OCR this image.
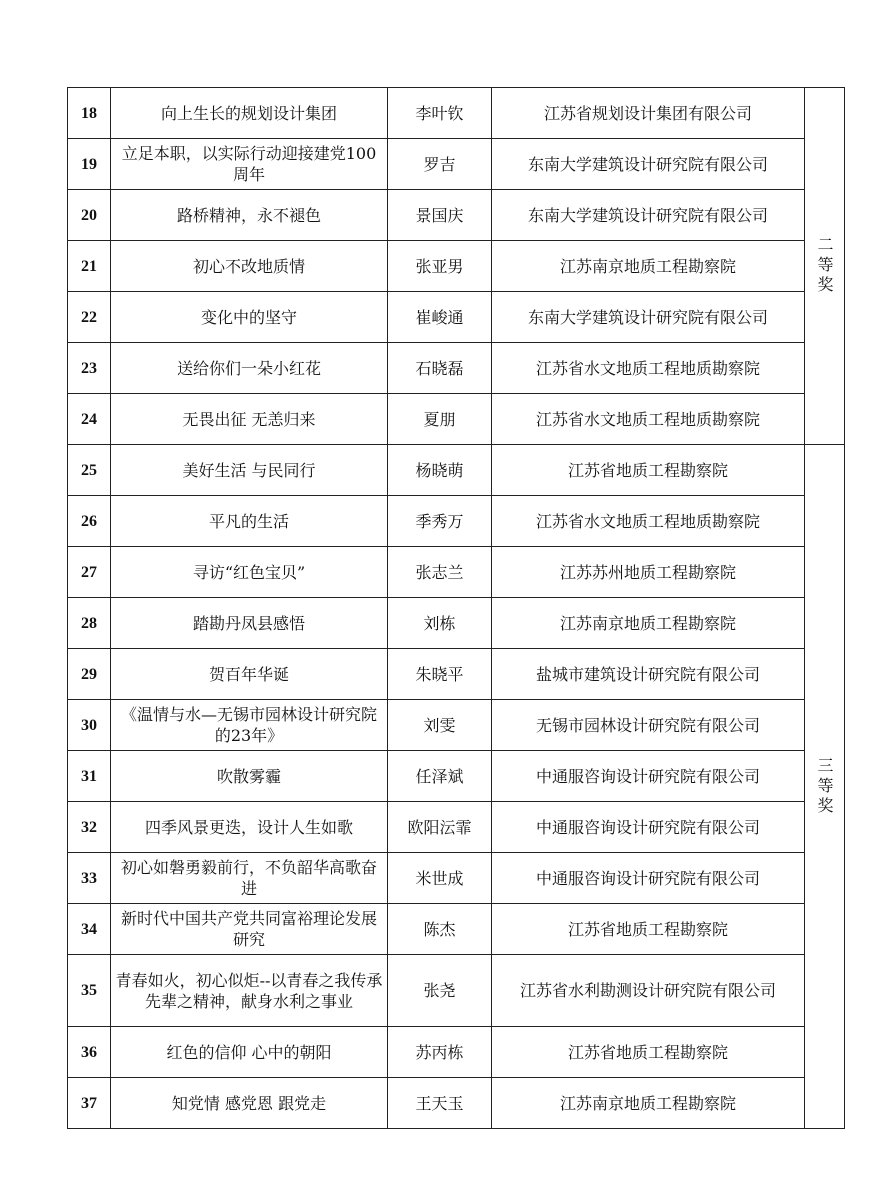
18	向上生长的规划设计集团	李叶钦	江苏省规划设计集团有限公司	二等奖
19	立足本职，以实际行动迎接建党100周年	罗吉	东南大学建筑设计研究院有限公司	
20	路桥精神，永不褪色	景国庆	东南大学建筑设计研究院有限公司	
21	初心不改地质情	张亚男	江苏南京地质工程勘察院	
22	变化中的坚守	崔峻通	东南大学建筑设计研究院有限公司	
23	送给你们一朵小红花	石晓磊	江苏省水文地质工程地质勘察院	
24	无畏出征 无恙归来	夏朋	江苏省水文地质工程地质勘察院	
25	美好生活 与民同行	杨晓萌	江苏省地质工程勘察院	三等奖
26	平凡的生活	季秀万	江苏省水文地质工程地质勘察院	
27	寻访“红色宝贝”	张志兰	江苏苏州地质工程勘察院	
28	踏勘丹凤县感悟	刘栋	江苏南京地质工程勘察院	
29	贺百年华诞	朱晓平	盐城市建筑设计研究院有限公司	
30	《温情与水—无锡市园林设计研究院的23年》	刘雯	无锡市园林设计研究院有限公司	
31	吹散雾霾	任泽斌	中通服咨询设计研究院有限公司	
32	四季风景更迭，设计人生如歌	欧阳沄霏	中通服咨询设计研究院有限公司	
33	初心如磐勇毅前行，不负韶华高歌奋进	米世成	中通服咨询设计研究院有限公司	
34	新时代中国共产党共同富裕理论发展研究	陈杰	江苏省地质工程勘察院	
35	青春如火，初心似炬--以青春之我传承先辈之精神，献身水利之事业	张尧	江苏省水利勘测设计研究院有限公司	
36	红色的信仰 心中的朝阳	苏丙栋	江苏省地质工程勘察院	
37	知党情 感党恩 跟党走	王天玉	江苏南京地质工程勘察院	
